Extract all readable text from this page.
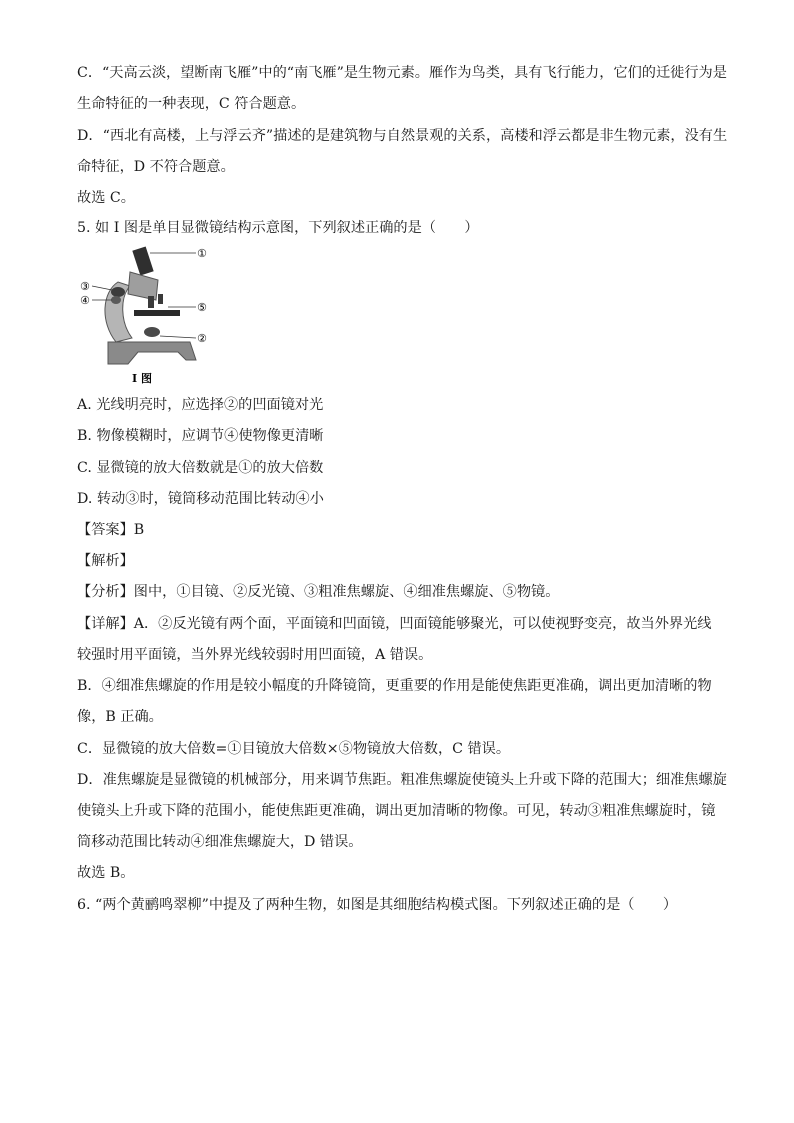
C．“天高云淡，望断南飞雁”中的“南飞雁”是生物元素。雁作为鸟类，具有飞行能力，它们的迁徙行为是
生命特征的一种表现，C 符合题意。
D．“西北有高楼，上与浮云齐”描述的是建筑物与自然景观的关系，高楼和浮云都是非生物元素，没有生
命特征，D 不符合题意。
故选 C。
5. 如 I 图是单目显微镜结构示意图，下列叙述正确的是（　　）
①
⑤
②
③
④
I 图
A. 光线明亮时，应选择②的凹面镜对光
B. 物像模糊时，应调节④使物像更清晰
C. 显微镜的放大倍数就是①的放大倍数
D. 转动③时，镜筒移动范围比转动④小
【答案】B
【解析】
【分析】图中，①目镜、②反光镜、③粗准焦螺旋、④细准焦螺旋、⑤物镜。
【详解】A．②反光镜有两个面，平面镜和凹面镜，凹面镜能够聚光，可以使视野变亮，故当外界光线
较强时用平面镜，当外界光线较弱时用凹面镜，A 错误。
B．④细准焦螺旋的作用是较小幅度的升降镜筒，更重要的作用是能使焦距更准确，调出更加清晰的物
像，B 正确。
C．显微镜的放大倍数=①目镜放大倍数×⑤物镜放大倍数，C 错误。
D．准焦螺旋是显微镜的机械部分，用来调节焦距。粗准焦螺旋使镜头上升或下降的范围大；细准焦螺旋
使镜头上升或下降的范围小，能使焦距更准确，调出更加清晰的物像。可见，转动③粗准焦螺旋时，镜
筒移动范围比转动④细准焦螺旋大，D 错误。
故选 B。
6. “两个黄鹂鸣翠柳”中提及了两种生物，如图是其细胞结构模式图。下列叙述正确的是（　　）
